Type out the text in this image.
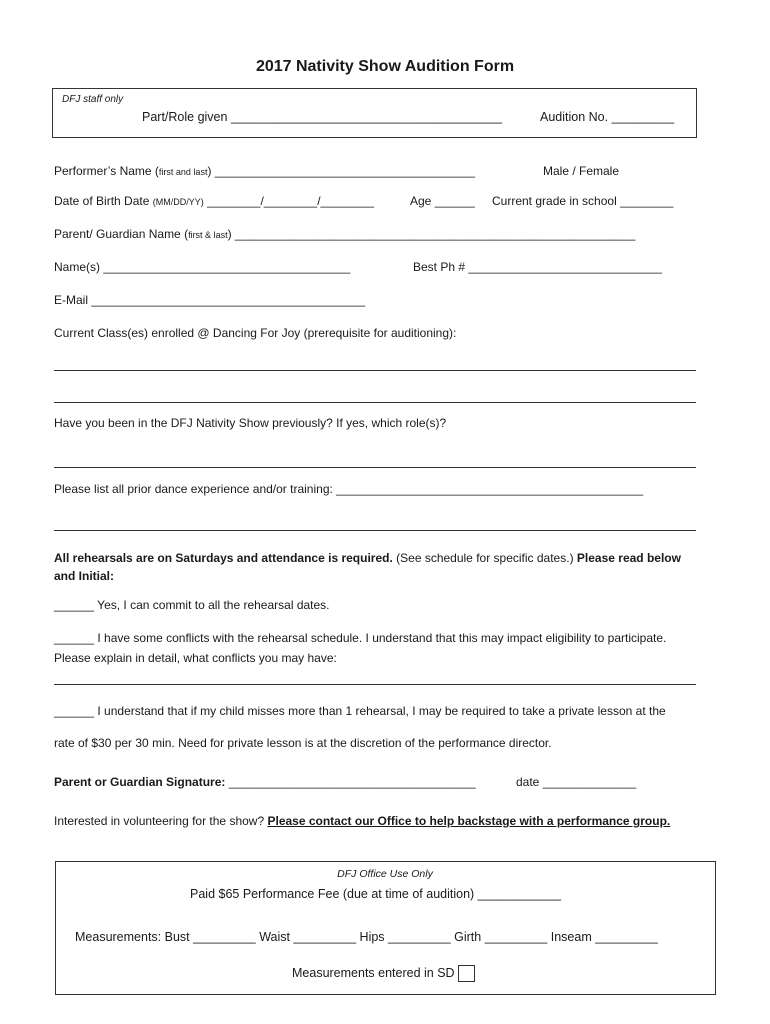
2017 Nativity Show Audition Form
DFJ staff only
Part/Role given _______________________________________	Audition No. _________
Performer’s Name (first and last) _______________________________________	Male / Female
Date of Birth Date (MM/DD/YY) ________/________/________	Age ______ Current grade in school ________
Parent/ Guardian Name (first & last) ____________________________________________________________
Name(s) _____________________________________	Best Ph # _____________________________
E-Mail _________________________________________
Current Class(es) enrolled @ Dancing For Joy (prerequisite for auditioning):
Have you been in the DFJ Nativity Show previously? If yes, which role(s)?
Please list all prior dance experience and/or training: ______________________________________________
All rehearsals are on Saturdays and attendance is required. (See schedule for specific dates.) Please read below
and Initial:
______ Yes, I can commit to all the rehearsal dates.
______ I have some conflicts with the rehearsal schedule. I understand that this may impact eligibility to participate.
Please explain in detail, what conflicts you may have:
______ I understand that if my child misses more than 1 rehearsal, I may be required to take a private lesson at the
rate of $30 per 30 min. Need for private lesson is at the discretion of the performance director.
Parent or Guardian Signature: _____________________________________	date ______________
Interested in volunteering for the show? Please contact our Office to help backstage with a performance group.
DFJ Office Use Only
Paid $65 Performance Fee (due at time of audition) ____________
Measurements: Bust _________ Waist _________ Hips _________ Girth _________ Inseam _________
Measurements entered in SD
